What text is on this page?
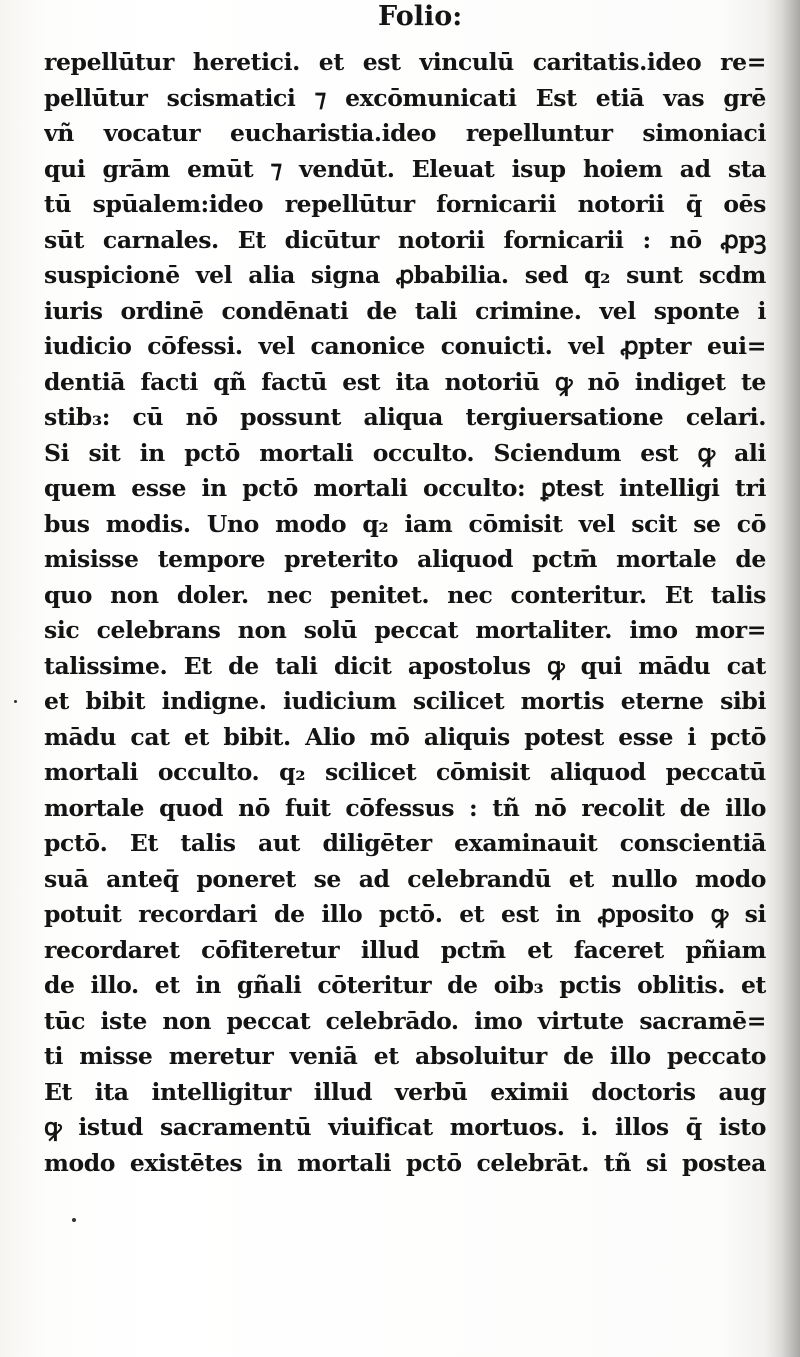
Folio:
repellūtur heretici. et est vinculū caritatis.ideo re=
pellūtur scismatici ⁊ excōmunicati Est etiā vas grē
vñ vocatur eucharistia.ideo repelluntur simoniaci
qui grām emūt ⁊ vendūt. Eleuat isup hoiem ad sta
tū spūalem:ideo repellūtur fornicarii notorii q̄ oēs
sūt carnales. Et dicūtur notorii fornicarii : nō ꝓpꝫ
suspicionē vel alia signa ꝓbabilia. sed q₂ sunt scdm
iuris ordinē condēnati de tali crimine. vel sponte i
iudicio cōfessi. vel canonice conuicti. vel ꝓpter eui=
dentiā facti qñ factū est ita notoriū ꝙ nō indiget te
stib₃: cū nō possunt aliqua tergiuersatione celari.
Si sit in pctō mortali occulto. Sciendum est ꝙ ali
quem esse in pctō mortali occulto: ꝑtest intelligi tri
bus modis. Uno modo q₂ iam cōmisit vel scit se cō
misisse tempore preterito aliquod pctm̄ mortale de
quo non doler. nec penitet. nec conteritur. Et talis
sic celebrans non solū peccat mortaliter. imo mor=
talissime. Et de tali dicit apostolus ꝙ qui mādu cat
et bibit indigne. iudicium scilicet mortis eterne sibi
mādu cat et bibit. Alio mō aliquis potest esse i pctō
mortali occulto. q₂ scilicet cōmisit aliquod peccatū
mortale quod nō fuit cōfessus : tñ nō recolit de illo
pctō. Et talis aut diligēter examinauit conscientiā
suā anteq̄ poneret se ad celebrandū et nullo modo
potuit recordari de illo pctō. et est in ꝓposito ꝙ si
recordaret cōfiteretur illud pctm̄ et faceret pñiam
de illo. et in gñali cōteritur de oib₃ pctis oblitis. et
tūc iste non peccat celebrādo. imo virtute sacramē=
ti misse meretur veniā et absoluitur de illo peccato
Et ita intelligitur illud verbū eximii doctoris aug
ꝙ istud sacramentū viuificat mortuos. i. illos q̄ isto
modo existētes in mortali pctō celebrāt. tñ si postea
